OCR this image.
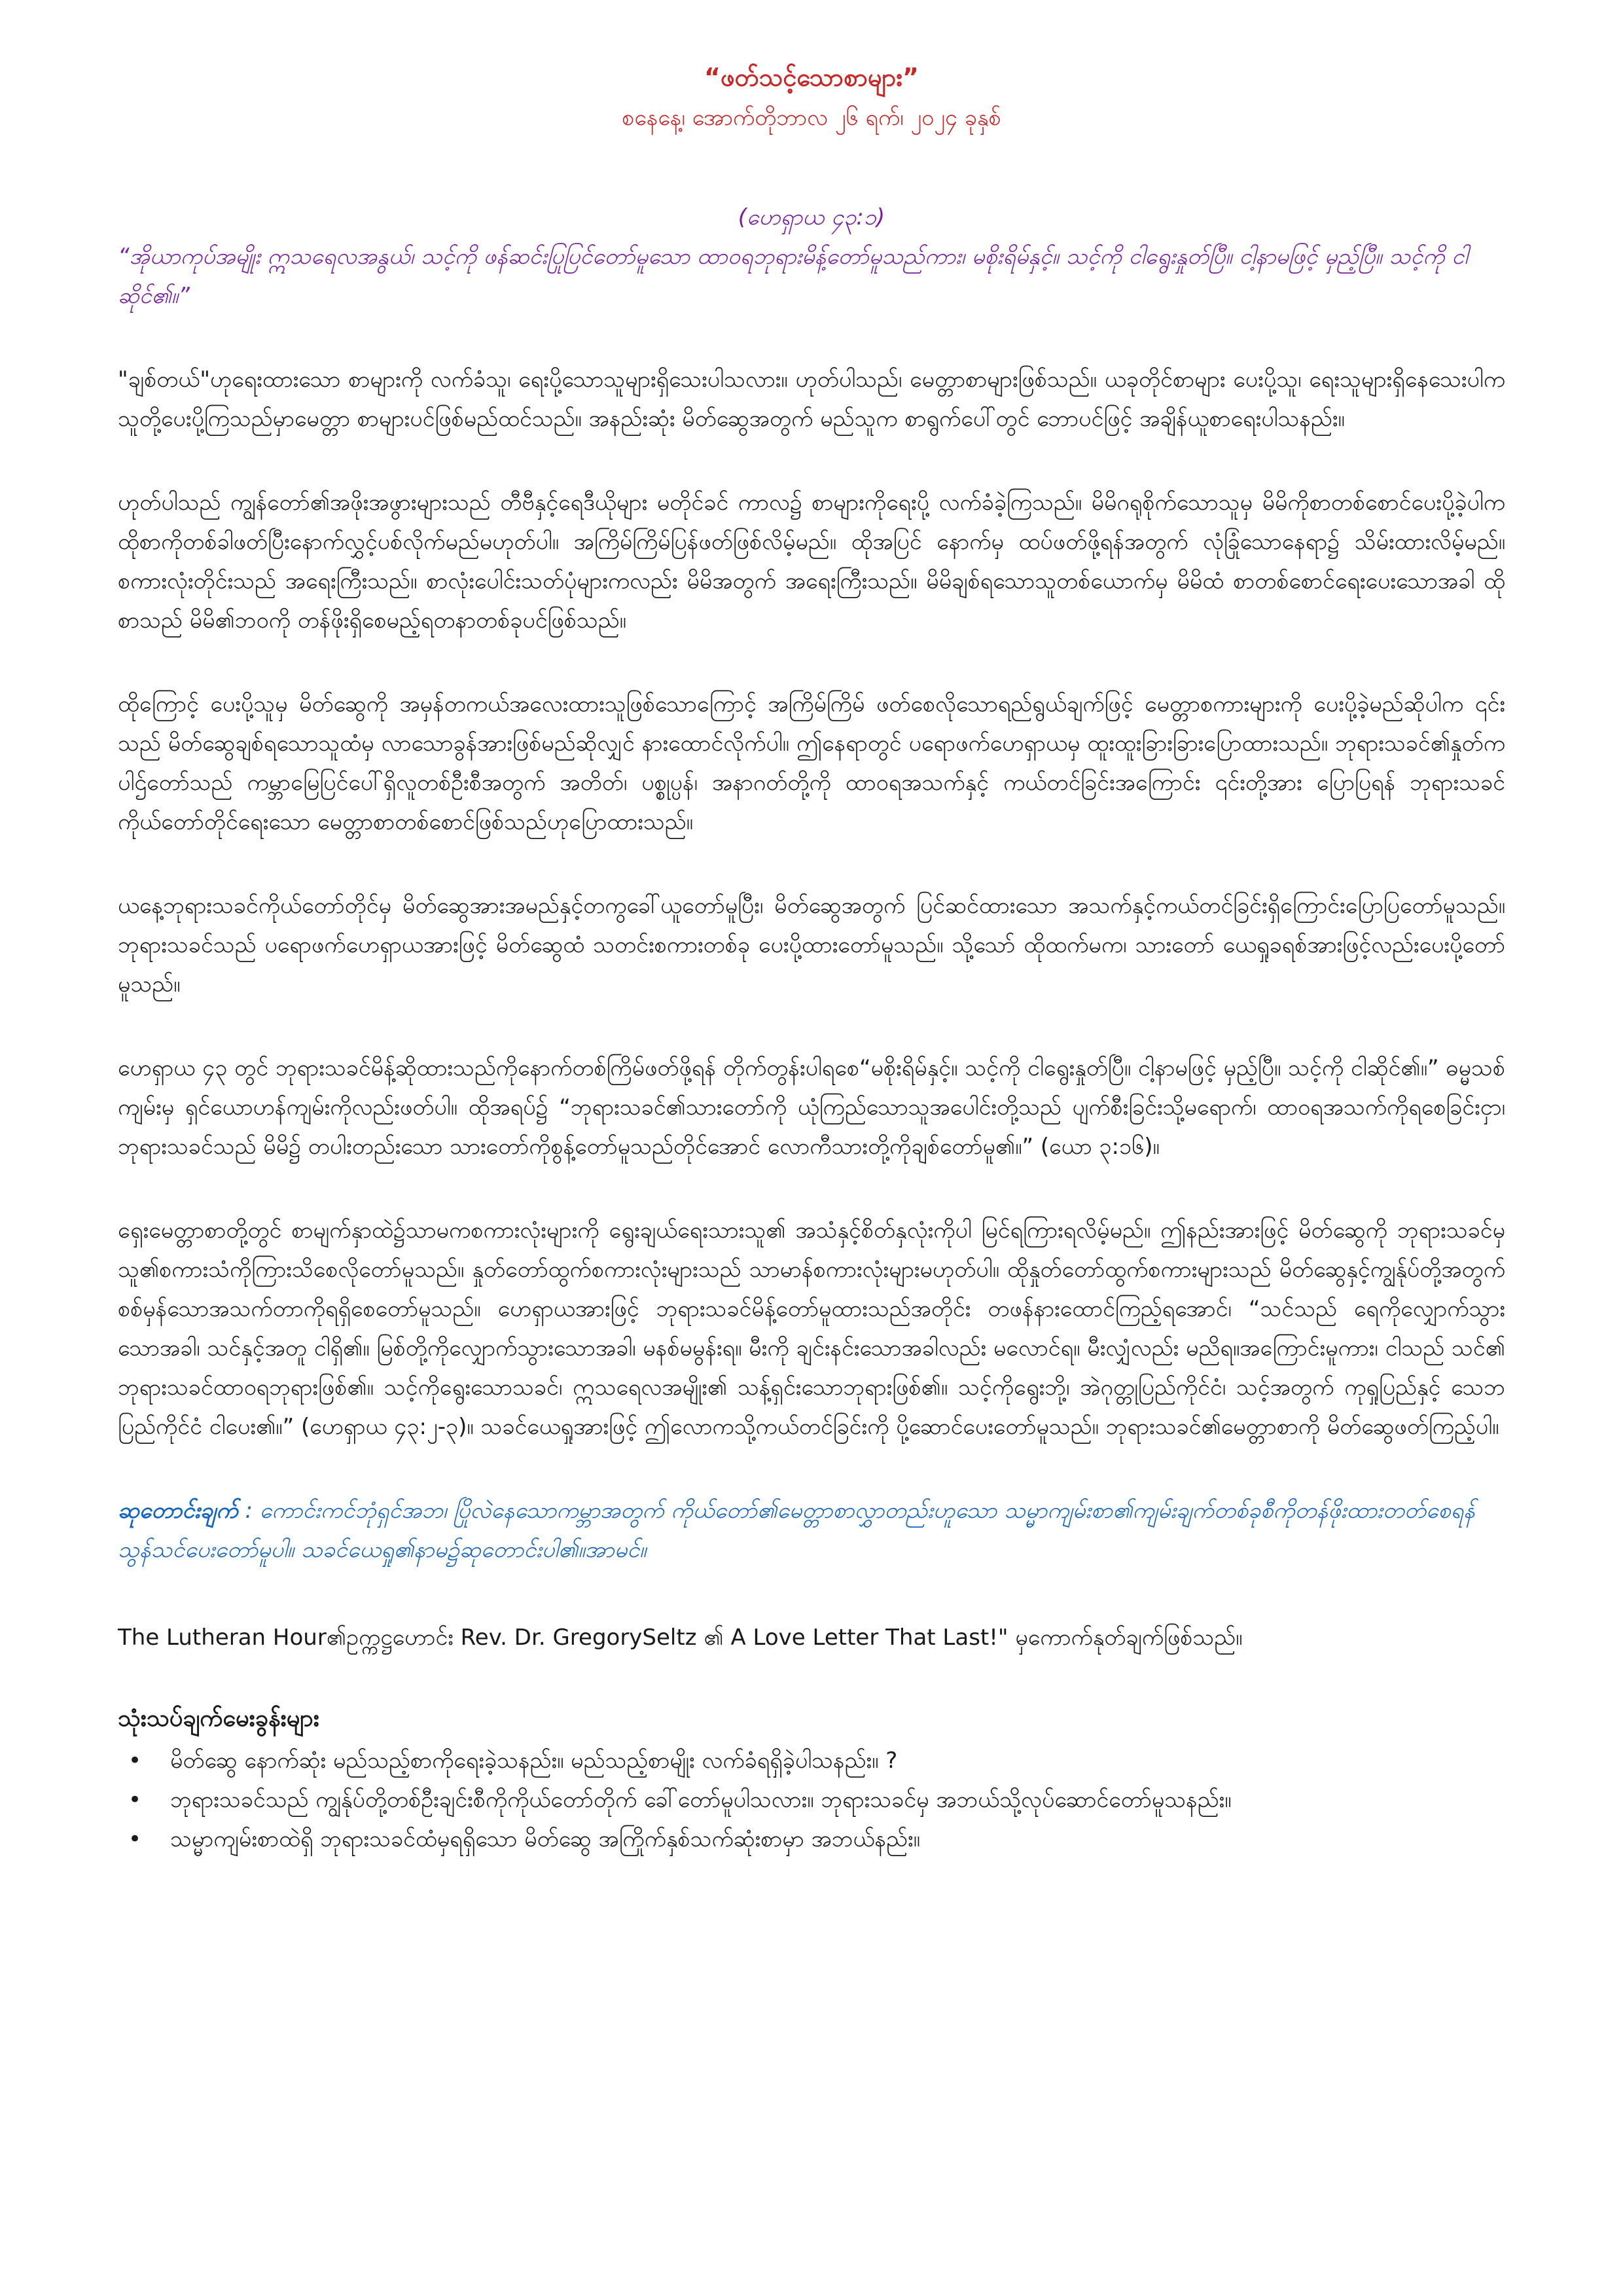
“ဖတ်သင့်သောစာများ”
စနေနေ့၊ အောက်တိုဘာလ ၂၆ ရက်၊ ၂၀၂၄ ခုနှစ်
(ဟေရှာယ ၄၃:၁)
“အိုယာကုပ်အမျိုး ဣသရေလအနွယ်၊ သင့်ကို ဖန်ဆင်းပြုပြင်တော်မူသော ထာဝရဘုရားမိန့်တော်မူသည်ကား၊ မစိုးရိမ်နှင့်။ သင့်ကို ငါရွေးနှုတ်ပြီ။ ငါ့နာမဖြင့် မှည့်ပြီ။ သင့်ကို ငါဆိုင်၏။”
"ချစ်တယ်"ဟုရေးထားသော စာများကို လက်ခံသူ၊ ရေးပို့သောသူများရှိသေးပါသလား။ ဟုတ်ပါသည်၊ မေတ္တာစာများဖြစ်သည်။ ယခုတိုင်စာများ ပေးပို့သူ၊ ရေးသူများရှိနေသေးပါကသူတို့ပေးပို့ကြသည်မှာမေတ္တာ စာများပင်ဖြစ်မည်ထင်သည်။ အနည်းဆုံး မိတ်ဆွေအတွက် မည်သူက စာရွက်ပေါ်တွင် ဘောပင်ဖြင့် အချိန်ယူစာရေးပါသနည်း။
ဟုတ်ပါသည် ကျွန်တော်၏အဖိုးအဖွားများသည် တီဗီနှင့်ရေဒီယိုများ မတိုင်ခင် ကာလ၌ စာများကိုရေးပို့ လက်ခံခဲ့ကြသည်။ မိမိဂရုစိုက်သောသူမှ မိမိကိုစာတစ်စောင်ပေးပို့ခဲ့ပါက ထိုစာကိုတစ်ခါဖတ်ပြီးနောက်လွှင့်ပစ်လိုက်မည်မဟုတ်ပါ။ အကြိမ်ကြိမ်ပြန်ဖတ်ဖြစ်လိမ့်မည်။ ထိုအပြင် နောက်မှ ထပ်ဖတ်ဖို့ရန်အတွက် လုံခြုံသောနေရာ၌ သိမ်းထားလိမ့်မည်။ စကားလုံးတိုင်းသည် အရေးကြီးသည်။ စာလုံးပေါင်းသတ်ပုံများကလည်း မိမိအတွက် အရေးကြီးသည်။ မိမိချစ်ရသောသူတစ်ယောက်မှ မိမိထံ စာတစ်စောင်ရေးပေးသောအခါ ထိုစာသည် မိမိ၏ဘဝကို တန်ဖိုးရှိစေမည့်ရတနာတစ်ခုပင်ဖြစ်သည်။
ထိုကြောင့် ပေးပို့သူမှ မိတ်ဆွေကို အမှန်တကယ်အလေးထားသူဖြစ်သောကြောင့် အကြိမ်ကြိမ် ဖတ်စေလိုသောရည်ရွယ်ချက်ဖြင့် မေတ္တာစကားများကို ပေးပို့ခဲ့မည်ဆိုပါက ၎င်းသည် မိတ်ဆွေချစ်ရသောသူထံမှ လာသောခွန်အားဖြစ်မည်ဆိုလျှင် နားထောင်လိုက်ပါ။ ဤနေရာတွင် ပရောဖက်ဟေရှာယမှ ထူးထူးခြားခြားပြောထားသည်။ ဘုရားသခင်၏နှုတ်ကပါဌ်တော်သည် ကမ္ဘာမြေပြင်ပေါ်ရှိလူတစ်ဦးစီအတွက် အတိတ်၊ ပစ္စုပ္ပန်၊ အနာဂတ်တို့ကို ထာဝရအသက်နှင့် ကယ်တင်ခြင်းအကြောင်း ၎င်းတို့အား ပြောပြရန် ဘုရားသခင်ကိုယ်တော်တိုင်ရေးသော မေတ္တာစာတစ်စောင်ဖြစ်သည်ဟုပြောထားသည်။
ယနေ့ဘုရားသခင်ကိုယ်တော်တိုင်မှ မိတ်ဆွေအားအမည်နှင့်တကွခေါ်ယူတော်မူပြီး၊ မိတ်ဆွေအတွက် ပြင်ဆင်ထားသော အသက်နှင့်ကယ်တင်ခြင်းရှိကြောင်းပြောပြတော်မူသည်။ ဘုရားသခင်သည် ပရောဖက်ဟေရှာယအားဖြင့် မိတ်ဆွေထံ သတင်းစကားတစ်ခု ပေးပို့ထားတော်မူသည်။ သို့သော် ထိုထက်မက၊ သားတော် ယေရှုခရစ်အားဖြင့်လည်းပေးပို့တော်မူသည်။
ဟေရှာယ ၄၃ တွင် ဘုရားသခင်မိန့်ဆိုထားသည်ကိုနောက်တစ်ကြိမ်ဖတ်ဖို့ရန် တိုက်တွန်းပါရစေ“မစိုးရိမ်နှင့်။ သင့်ကို ငါရွေးနှုတ်ပြီ။ ငါ့နာမဖြင့် မှည့်ပြီ။ သင့်ကို ငါဆိုင်၏။” ဓမ္မသစ်ကျမ်းမှ ရှင်ယောဟန်ကျမ်းကိုလည်းဖတ်ပါ။ ထိုအရပ်၌ “ဘုရားသခင်၏သားတော်ကို ယုံကြည်သောသူအပေါင်းတို့သည် ပျက်စီးခြင်းသို့မရောက်၊ ထာဝရအသက်ကိုရစေခြင်းငှာ၊ ဘုရားသခင်သည် မိမိ၌ တပါးတည်းသော သားတော်ကိုစွန့်တော်မူသည်တိုင်အောင် လောကီသားတို့ကိုချစ်တော်မူ၏။” (ယော ၃:၁၆)။
ရှေးမေတ္တာစာတို့တွင် စာမျက်နှာထဲ၌သာမကစကားလုံးများကို ရွေးချယ်ရေးသားသူ၏ အသံနှင့်စိတ်နှလုံးကိုပါ မြင်ရကြားရလိမ့်မည်။ ဤနည်းအားဖြင့် မိတ်ဆွေကို ဘုရားသခင်မှ သူ၏စကားသံကိုကြားသိစေလိုတော်မူသည်။ နှုတ်တော်ထွက်စကားလုံးများသည် သာမာန်စကားလုံးများမဟုတ်ပါ။ ထိုနှုတ်တော်ထွက်စကားများသည် မိတ်ဆွေနှင့်ကျွန်ုပ်တို့အတွက် စစ်မှန်သောအသက်တာကိုရရှိစေတော်မူသည်။ ဟေရှာယအားဖြင့် ဘုရားသခင်မိန့်တော်မူထားသည်အတိုင်း တဖန်နားထောင်ကြည့်ရအောင်၊ “သင်သည် ရေကိုလျှောက်သွားသောအခါ၊ သင်နှင့်အတူ ငါရှိ၏။ မြစ်တို့ကိုလျှောက်သွားသောအခါ၊ မနစ်မမွန်းရ။ မီးကို ချင်းနင်းသောအခါလည်း မလောင်ရ။ မီးလျှံလည်း မညိရ။အကြောင်းမူကား၊ ငါသည် သင်၏ ဘုရားသခင်ထာဝရဘုရားဖြစ်၏။ သင့်ကိုရွေးသောသခင်၊ ဣသရေလအမျိုး၏ သန့်ရှင်းသောဘုရားဖြစ်၏။ သင့်ကိုရွေးဘို့၊ အဲဂုတ္တုပြည်ကိုင်ငံ၊ သင့်အတွက် ကုရှုပြည်နှင့် သေဘပြည်ကိုင်ငံ ငါပေး၏။” (ဟေရှာယ ၄၃:၂-၃)။ သခင်ယေရှုအားဖြင့် ဤလောကသို့ကယ်တင်ခြင်းကို ပို့ဆောင်ပေးတော်မူသည်။ ဘုရားသခင်၏မေတ္တာစာကို မိတ်ဆွေဖတ်ကြည့်ပါ။
ဆုတောင်းချက် : ကောင်းကင်ဘုံရှင်အဘ၊ ပြိုလဲနေသောကမ္ဘာအတွက် ကိုယ်တော်၏မေတ္တာစာလွှာတည်းဟူသော သမ္မာကျမ်းစာ၏ကျမ်းချက်တစ်ခုစီကိုတန်ဖိုးထားတတ်စေရန် သွန်သင်ပေးတော်မူပါ။ သခင်ယေရှု၏နာမ၌ဆုတောင်းပါ၏။အာမင်။
The Lutheran Hour၏ဥက္ကဋ္ဌဟောင်း Rev. Dr. GregorySeltz ၏ A Love Letter That Last!" မှကောက်နုတ်ချက်ဖြစ်သည်။
သုံးသပ်ချက်မေးခွန်းများ
• မိတ်ဆွေ နောက်ဆုံး မည်သည့်စာကိုရေးခဲ့သနည်း။ မည်သည့်စာမျိုး လက်ခံရရှိခဲ့ပါသနည်း။ ?
• ဘုရားသခင်သည် ကျွန်ုပ်တို့တစ်ဦးချင်းစီကိုကိုယ်တော်တိုက် ခေါ်တော်မူပါသလား။ ဘုရားသခင်မှ အဘယ်သို့လုပ်ဆောင်တော်မူသနည်း။
• သမ္မာကျမ်းစာထဲရှိ ဘုရားသခင်ထံမှရရှိသော မိတ်ဆွေ အကြိုက်နှစ်သက်ဆုံးစာမှာ အဘယ်နည်း။
